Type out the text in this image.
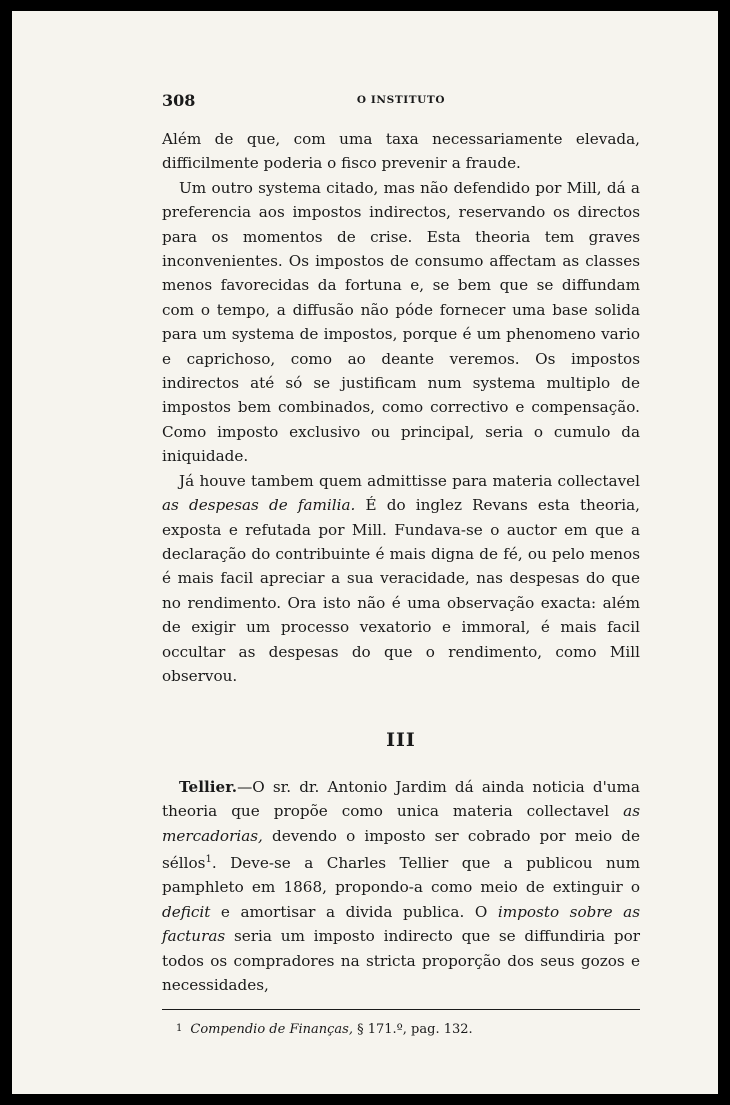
308	O INSTITUTO

Além de que, com uma taxa necessariamente elevada, difficilmente poderia o fisco prevenir a fraude.

Um outro systema citado, mas não defendido por Mill, dá a preferencia aos impostos indirectos, reservando os directos para os momentos de crise. Esta theoria tem graves inconvenientes. Os impostos de consumo affectam as classes menos favorecidas da fortuna e, se bem que se diffundam com o tempo, a diffusão não póde fornecer uma base solida para um systema de impostos, porque é um phenomeno vario e caprichoso, como ao deante veremos. Os impostos indirectos até só se justificam num systema multiplo de impostos bem combinados, como correctivo e compensação. Como imposto exclusivo ou principal, seria o cumulo da iniquidade.

Já houve tambem quem admittisse para materia collectavel as despesas de familia. É do inglez Revans esta theoria, exposta e refutada por Mill. Fundava-se o auctor em que a declaração do contribuinte é mais digna de fé, ou pelo menos é mais facil apreciar a sua veracidade, nas despesas do que no rendimento. Ora isto não é uma observação exacta: além de exigir um processo vexatorio e immoral, é mais facil occultar as despesas do que o rendimento, como Mill observou.

III

Tellier.—O sr. dr. Antonio Jardim dá ainda noticia d'uma theoria que propõe como unica materia collectavel as mercadorias, devendo o imposto ser cobrado por meio de séllos$^1$. Deve-se a Charles Tellier que a publicou num pamphleto em 1868, propondo-a como meio de extinguir o deficit e amortisar a divida publica. O imposto sobre as facturas seria um imposto indirecto que se diffundiria por todos os compradores na stricta proporção dos seus gozos e necessidades,

1 Compendio de Finanças, § 171.º, pag. 132.
